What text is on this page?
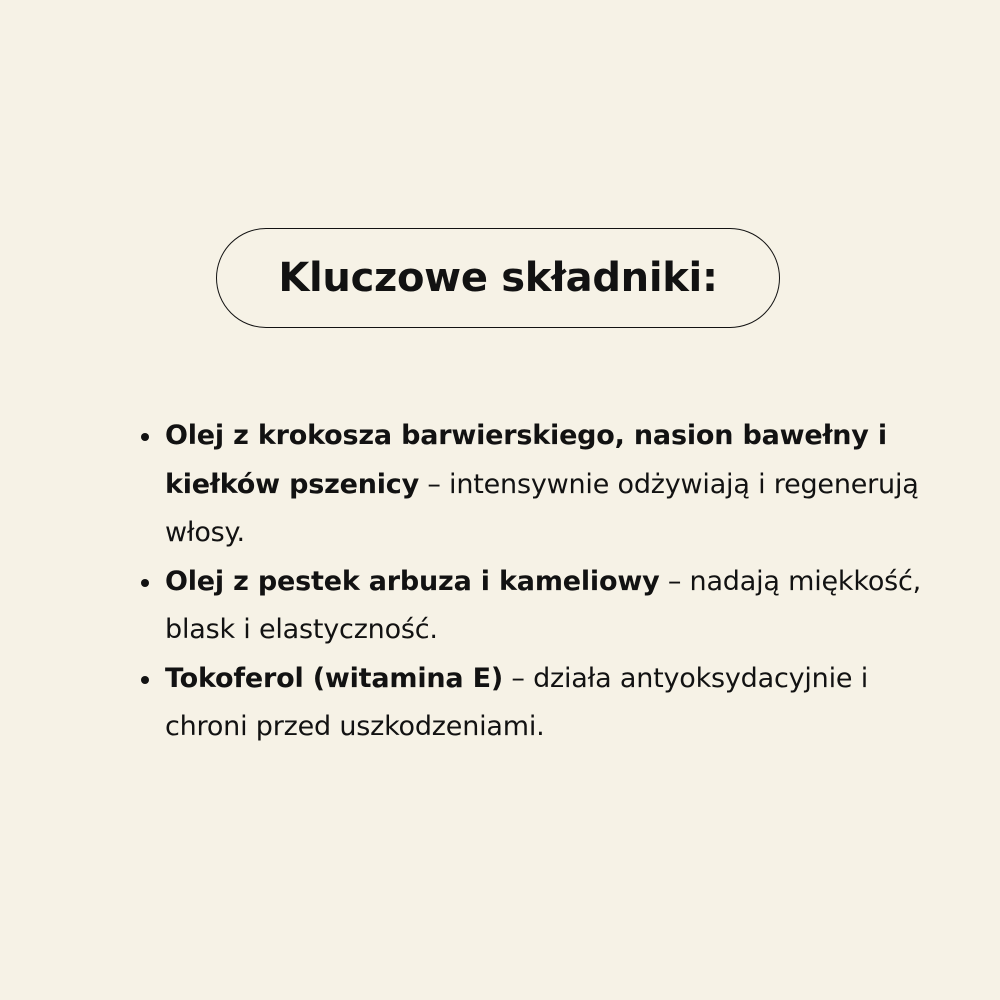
Kluczowe składniki:
Olej z krokosza barwierskiego, nasion bawełny i kiełków pszenicy – intensywnie odżywiają i regenerują włosy.
Olej z pestek arbuza i kameliowy – nadają miękkość, blask i elastyczność.
Tokoferol (witamina E) – działa antyoksydacyjnie i chroni przed uszkodzeniami.
